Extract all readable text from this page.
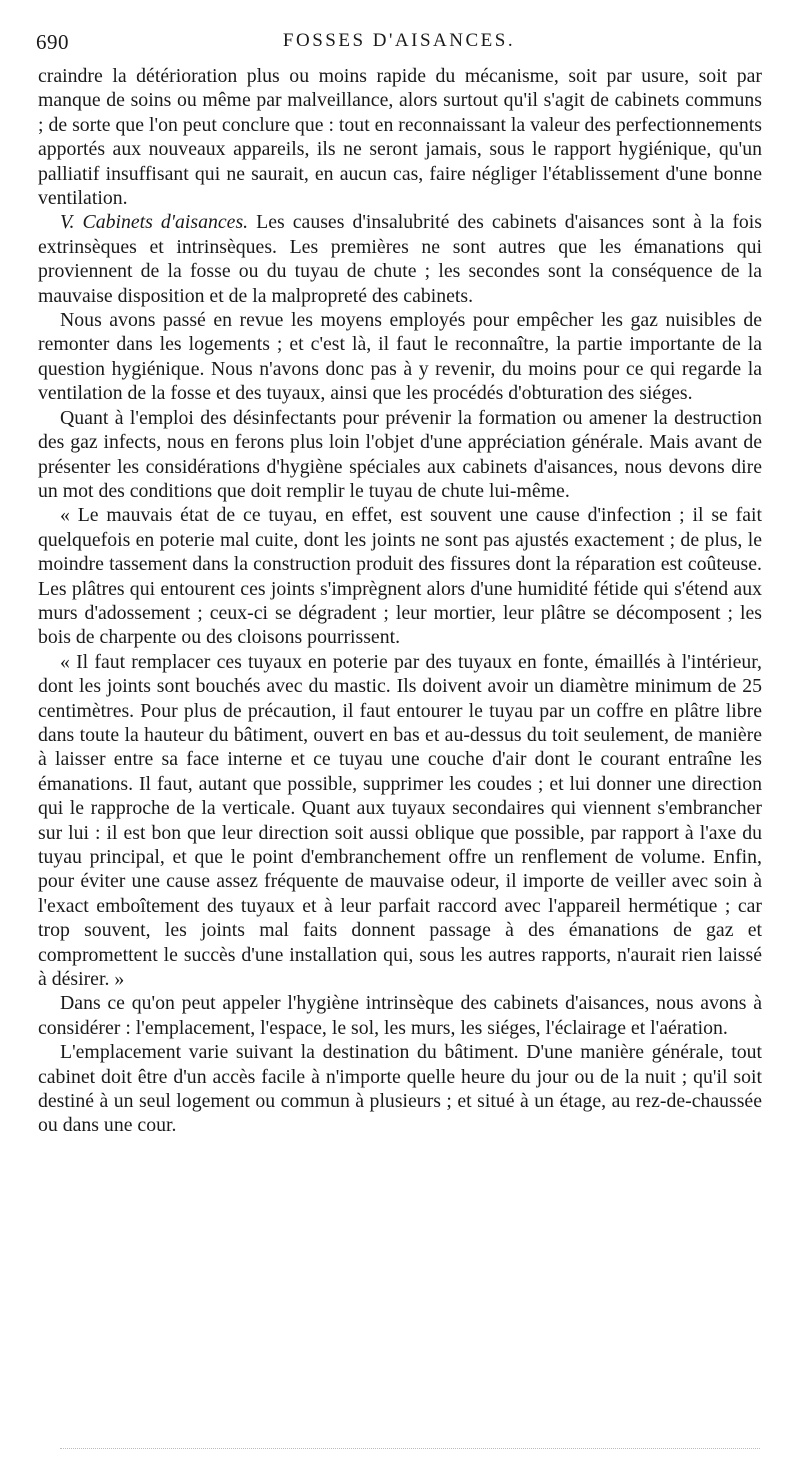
690	FOSSES D'AISANCES.

craindre la détérioration plus ou moins rapide du mécanisme, soit par usure, soit par manque de soins ou même par malveillance, alors surtout qu'il s'agit de cabinets communs ; de sorte que l'on peut conclure que : tout en reconnaissant la valeur des perfectionnements apportés aux nouveaux appareils, ils ne seront jamais, sous le rapport hygiénique, qu'un palliatif insuffisant qui ne saurait, en aucun cas, faire négliger l'établissement d'une bonne ventilation.

V. Cabinets d'aisances. Les causes d'insalubrité des cabinets d'aisances sont à la fois extrinsèques et intrinsèques. Les premières ne sont autres que les émanations qui proviennent de la fosse ou du tuyau de chute ; les secondes sont la conséquence de la mauvaise disposition et de la malpropreté des cabinets.

Nous avons passé en revue les moyens employés pour empêcher les gaz nuisibles de remonter dans les logements ; et c'est là, il faut le reconnaître, la partie importante de la question hygiénique. Nous n'avons donc pas à y revenir, du moins pour ce qui regarde la ventilation de la fosse et des tuyaux, ainsi que les procédés d'obturation des siéges.

Quant à l'emploi des désinfectants pour prévenir la formation ou amener la destruction des gaz infects, nous en ferons plus loin l'objet d'une appréciation générale. Mais avant de présenter les considérations d'hygiène spéciales aux cabinets d'aisances, nous devons dire un mot des conditions que doit remplir le tuyau de chute lui-même.

« Le mauvais état de ce tuyau, en effet, est souvent une cause d'infection ; il se fait quelquefois en poterie mal cuite, dont les joints ne sont pas ajustés exactement ; de plus, le moindre tassement dans la construction produit des fissures dont la réparation est coûteuse. Les plâtres qui entourent ces joints s'imprègnent alors d'une humidité fétide qui s'étend aux murs d'adossement ; ceux-ci se dégradent ; leur mortier, leur plâtre se décomposent ; les bois de charpente ou des cloisons pourrissent.

« Il faut remplacer ces tuyaux en poterie par des tuyaux en fonte, émaillés à l'intérieur, dont les joints sont bouchés avec du mastic. Ils doivent avoir un diamètre minimum de 25 centimètres. Pour plus de précaution, il faut entourer le tuyau par un coffre en plâtre libre dans toute la hauteur du bâtiment, ouvert en bas et au-dessus du toit seulement, de manière à laisser entre sa face interne et ce tuyau une couche d'air dont le courant entraîne les émanations. Il faut, autant que possible, supprimer les coudes ; et lui donner une direction qui le rapproche de la verticale. Quant aux tuyaux secondaires qui viennent s'embrancher sur lui : il est bon que leur direction soit aussi oblique que possible, par rapport à l'axe du tuyau principal, et que le point d'embranchement offre un renflement de volume. Enfin, pour éviter une cause assez fréquente de mauvaise odeur, il importe de veiller avec soin à l'exact emboîtement des tuyaux et à leur parfait raccord avec l'appareil hermétique ; car trop souvent, les joints mal faits donnent passage à des émanations de gaz et compromettent le succès d'une installation qui, sous les autres rapports, n'aurait rien laissé à désirer. »

Dans ce qu'on peut appeler l'hygiène intrinsèque des cabinets d'aisances, nous avons à considérer : l'emplacement, l'espace, le sol, les murs, les siéges, l'éclairage et l'aération.

L'emplacement varie suivant la destination du bâtiment. D'une manière générale, tout cabinet doit être d'un accès facile à n'importe quelle heure du jour ou de la nuit ; qu'il soit destiné à un seul logement ou commun à plusieurs ; et situé à un étage, au rez-de-chaussée ou dans une cour.
